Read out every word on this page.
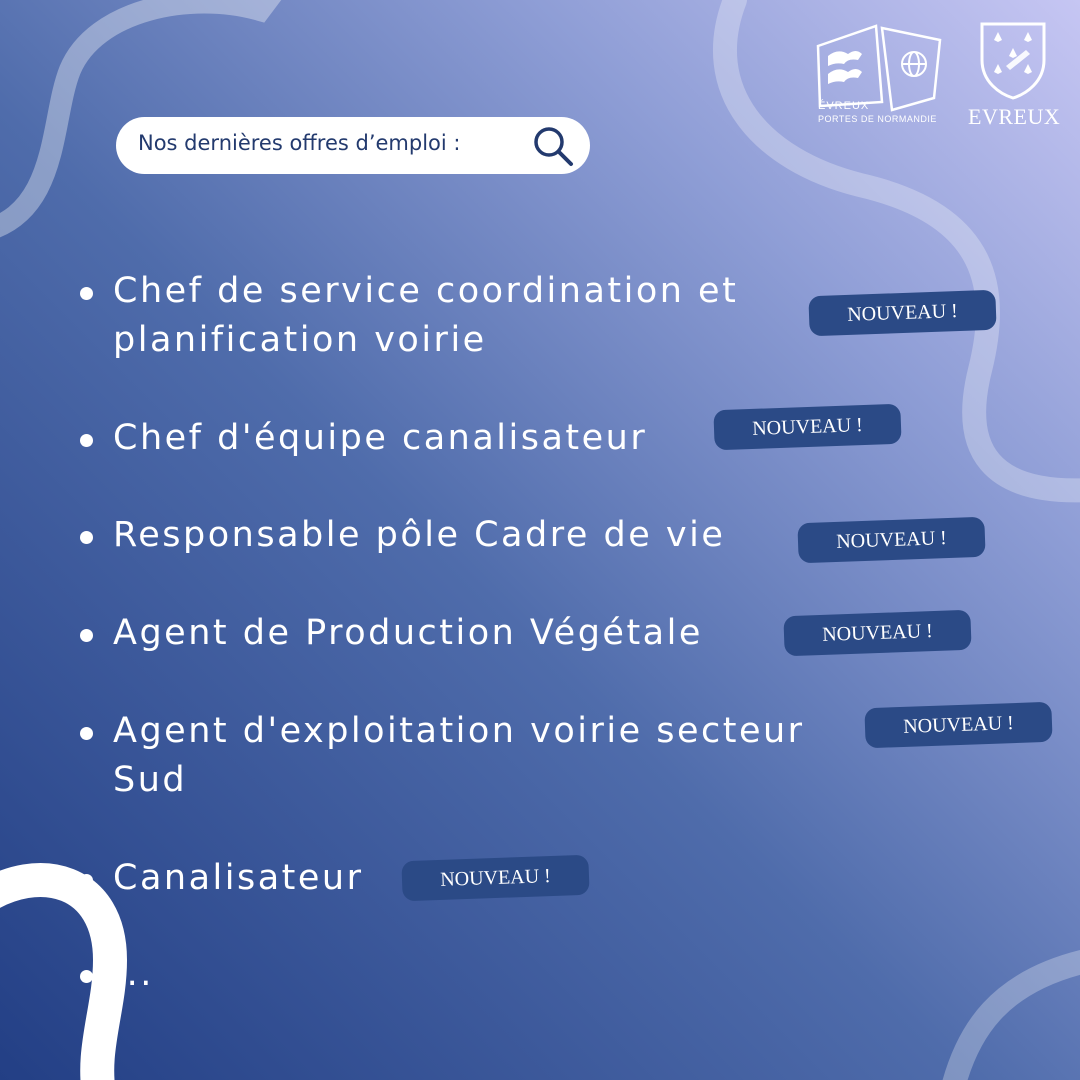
ÉVREUX
PORTES DE NORMANDIE	EVREUX
Nos dernières offres d’emploi :
Chef de service coordination et
planification voirie
NOUVEAU !
Chef d'équipe canalisateur	NOUVEAU !
Responsable pôle Cadre de vie	NOUVEAU !
Agent de Production Végétale	NOUVEAU !
Agent d'exploitation voirie secteur
Sud
NOUVEAU !
Canalisateur	NOUVEAU !
...
